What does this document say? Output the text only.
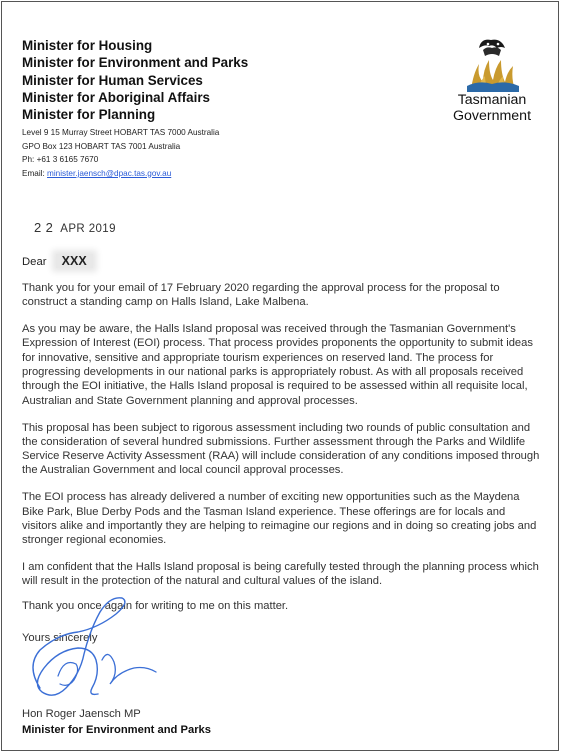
Minister for Housing
Minister for Environment and Parks
Minister for Human Services
Minister for Aboriginal Affairs
Minister for Planning
Level 9 15 Murray Street HOBART TAS 7000 Australia
GPO Box 123 HOBART TAS 7001 Australia
Ph: +61 3 6165 7670
Email: minister.jaensch@dpac.tas.gov.au
Tasmanian
Government
2 2 APR 2019
Dear XXX

Thank you for your email of 17 February 2020 regarding the approval process for the proposal to construct a standing camp on Halls Island, Lake Malbena.

As you may be aware, the Halls Island proposal was received through the Tasmanian Government's Expression of Interest (EOI) process. That process provides proponents the opportunity to submit ideas for innovative, sensitive and appropriate tourism experiences on reserved land. The process for progressing developments in our national parks is appropriately robust. As with all proposals received through the EOI initiative, the Halls Island proposal is required to be assessed within all requisite local, Australian and State Government planning and approval processes.

This proposal has been subject to rigorous assessment including two rounds of public consultation and the consideration of several hundred submissions. Further assessment through the Parks and Wildlife Service Reserve Activity Assessment (RAA) will include consideration of any conditions imposed through the Australian Government and local council approval processes.

The EOI process has already delivered a number of exciting new opportunities such as the Maydena Bike Park, Blue Derby Pods and the Tasman Island experience. These offerings are for locals and visitors alike and importantly they are helping to reimagine our regions and in doing so creating jobs and stronger regional economies.

I am confident that the Halls Island proposal is being carefully tested through the planning process which will result in the protection of the natural and cultural values of the island.

Thank you once again for writing to me on this matter.
Yours sincerely
Hon Roger Jaensch MP
Minister for Environment and Parks
